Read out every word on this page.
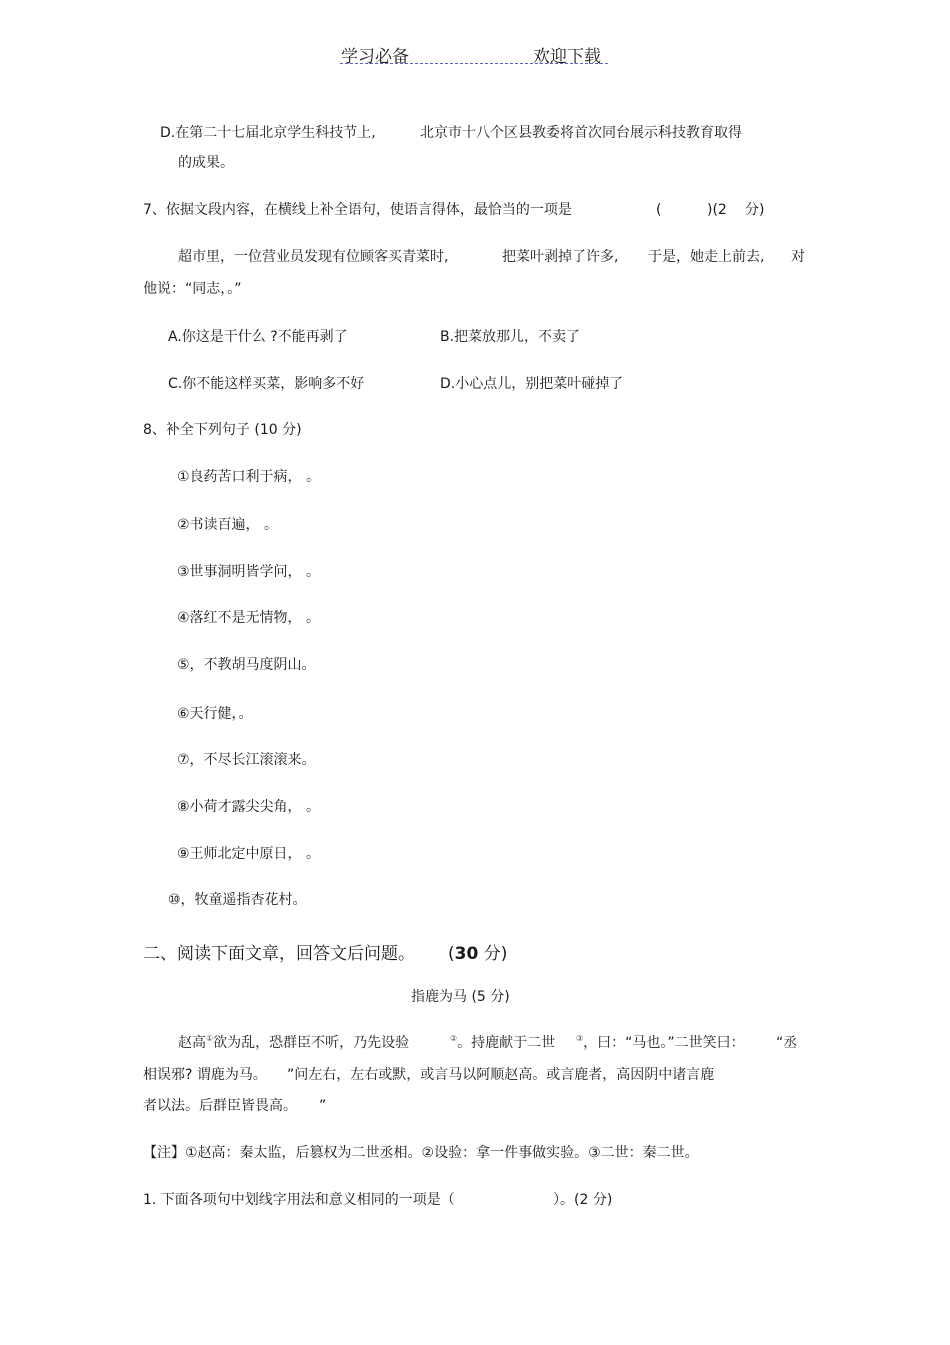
学习必备	欢迎下载
D.在第二十七届北京学生科技节上,	北京市十八个区县教委将首次同台展示科技教育取得
的成果。
7、依据文段内容，在横线上补全语句，使语言得体，最恰当的一项是	(	)(2 分)
超市里，一位营业员发现有位顾客买青菜时,	把菜叶剥掉了许多, 于是，她走上前去, 对
他说：“同志，。”
A.你这是干什么 ?不能再剥了	B.把菜放那儿，不卖了
C.你不能这样买菜，影响多不好	D.小心点儿，别把菜叶碰掉了
8、补全下列句子 (10 分)
①良药苦口利于病， 。
②书读百遍， 。
③世事洞明皆学问， 。
④落红不是无情物， 。
⑤，不教胡马度阴山。
⑥天行健，。
⑦，不尽长江滚滚来。
⑧小荷才露尖尖角， 。
⑨王师北定中原日， 。
⑩，牧童遥指杏花村。
二、阅读下面文章，回答文后问题。 (30 分)
指鹿为马 (5 分)
赵高①欲为乱，恐群臣不听，乃先设验	②。持鹿献于二世	③，曰：“马也。”二世笑曰： “丞
相误邪? 谓鹿为马。 ”问左右，左右或默，或言马以阿顺赵高。或言鹿者，高因阴中诸言鹿
者以法。后群臣皆畏高。 ”
【注】①赵高：秦太监，后篡权为二世丞相。②设验：拿一件事做实验。③二世：秦二世。
1. 下面各项句中划线字用法和意义相同的一项是（	）。(2 分)
